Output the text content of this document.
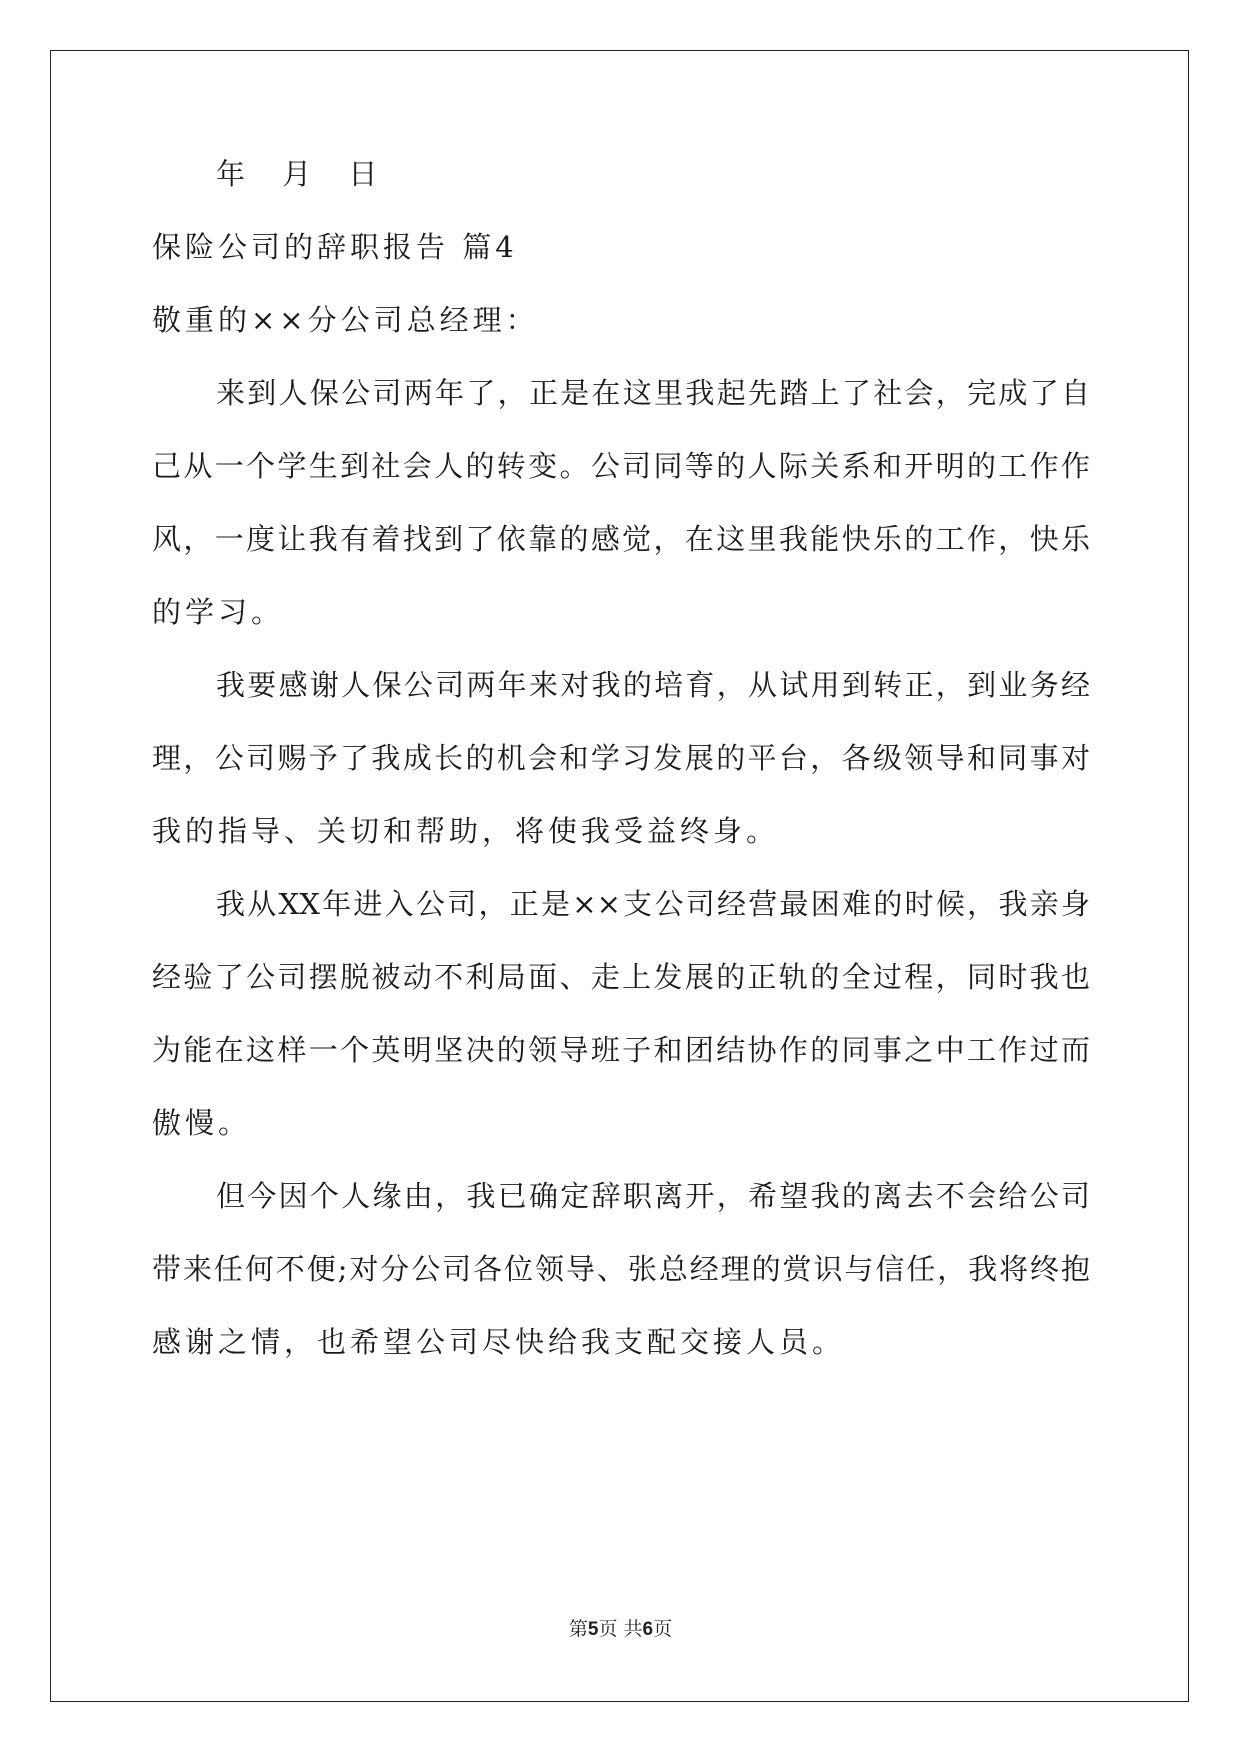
年 月 日
保险公司的辞职报告 篇4
敬重的××分公司总经理：
来到人保公司两年了，正是在这里我起先踏上了社会，完成了自
己从一个学生到社会人的转变。公司同等的人际关系和开明的工作作
风，一度让我有着找到了依靠的感觉，在这里我能快乐的工作，快乐
的学习。
我要感谢人保公司两年来对我的培育，从试用到转正，到业务经
理，公司赐予了我成长的机会和学习发展的平台，各级领导和同事对
我的指导、关切和帮助，将使我受益终身。
我从XX年进入公司，正是××支公司经营最困难的时候，我亲身
经验了公司摆脱被动不利局面、走上发展的正轨的全过程，同时我也
为能在这样一个英明坚决的领导班子和团结协作的同事之中工作过而
傲慢。
但今因个人缘由，我已确定辞职离开，希望我的离去不会给公司
带来任何不便;对分公司各位领导、张总经理的赏识与信任，我将终抱
感谢之情，也希望公司尽快给我支配交接人员。
第5页 共6页
